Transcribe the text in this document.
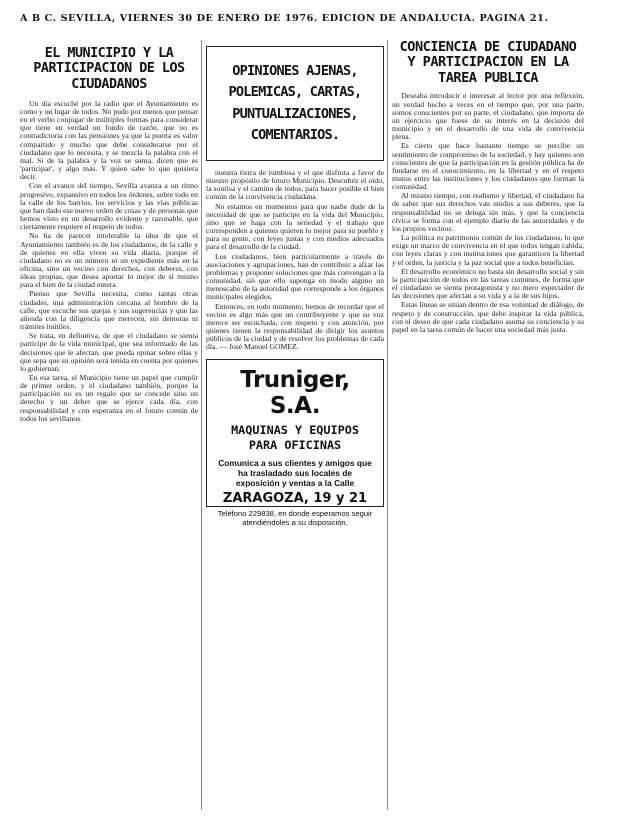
A B C. SEVILLA, VIERNES 30 DE ENERO DE 1976. EDICION DE ANDALUCIA. PAGINA 21.
EL MUNICIPIO Y LA PARTICIPACION DE LOS CIUDADANOS

Un día escuché por la radio que el Ayuntamiento es como y un lugar de todos. No pudo por menos que pensar en el verbo conjugar de múltiples formas para considerar que tiene en verdad un fondo de razón, que no es contradictoria con las pensiones ya que la puerta es valor compartido y mucho que debe considerarse por el ciudadano que lo necesita, y se mezcla la palabra con el mal. Si de la palabra y la voz se suma, dicen que es 'participar', y algo más. Y quien sabe lo que quisiera decir.

Con el avance del tiempo, Sevilla avanza a un ritmo progresivo, expansivo en todos los órdenes, sobre todo en la calle de los barrios, los servicios y las vías públicas que han dado ese nuevo orden de cosas y de personas que hemos visto en un desarrollo evidente y razonable, que ciertamente requiere el respeto de todos.

No ha de parecer intolerable la idea de que el Ayuntamiento también es de los ciudadanos, de la calle y de quienes en ella viven su vida diaria, porque el ciudadano no es un número ni un expediente más en la oficina, sino un vecino con derechos, con deberes, con ideas propias, que desea aportar lo mejor de sí mismo para el bien de la ciudad entera.

Pienso que Sevilla necesita, como tantas otras ciudades, una administración cercana al hombre de la calle, que escuche sus quejas y sus sugerencias y que las atienda con la diligencia que merecen, sin demoras ni trámites inútiles.

Se trata, en definitiva, de que el ciudadano se sienta partícipe de la vida municipal, que sea informado de las decisiones que le afectan, que pueda opinar sobre ellas y que sepa que su opinión será tenida en cuenta por quienes lo gobiernan.

En esa tarea, el Municipio tiene un papel que cumplir de primer orden, y el ciudadano también, porque la participación no es un regalo que se concede sino un derecho y un deber que se ejerce cada día, con responsabilidad y con esperanza en el futuro común de todos los sevillanos.

OPINIONES AJENAS, POLEMICAS, CARTAS, PUNTUALIZACIONES, COMENTARIOS.

nuestra tierra de rumbosa y el que disfruta a favor de nuestro propósito de futuro Municipio. Descubrir el oído, la sonrisa y el camino de todos, para hacer posible el bien común de la convivencia ciudadana.

No estamos en momentos para que nadie dude de la necesidad de que se participe en la vida del Municipio, sino que se haga con la seriedad y el trabajo que corresponden a quienes quieren lo mejor para su pueblo y para su gente, con leyes justas y con medios adecuados para el desarrollo de la ciudad.

Los ciudadanos, bien particularmente a través de asociaciones y agrupaciones, han de contribuir a alzar las problemas y proponer soluciones que más convengan a la comunidad, sin que ello suponga en modo alguno un menoscabo de la autoridad que corresponde a los órganos municipales elegidos.

Entonces, en todo momento, hemos de recordar que el vecino es algo más que un contribuyente y que su voz merece ser escuchada, con respeto y con atención, por quienes tienen la responsabilidad de dirigir los asuntos públicos de la ciudad y de resolver los problemas de cada día. — José Manuel GOMEZ.

Truniger, S.A.
MAQUINAS Y EQUIPOS PARA OFICINAS
Comunica a sus clientes y amigos que ha trasladado sus locales de exposición y ventas a la Calle
ZARAGOZA, 19 y 21
Teléfono 229838, en donde esperamos seguir atendiéndoles a su disposición.
CONCIENCIA DE CIUDADANO Y PARTICIPACION EN LA TAREA PUBLICA

Deseaba introducir e interesar al lector por una reflexión, un verdad hecho a veces en el tiempo que, por una parte, somos conscientes por su parte, el ciudadano, que importa de un ejercicio que fuese de su interés en la decisión del municipio y en el desarrollo de una vida de convivencia plena.

Es cierto que hace bastante tiempo se percibe un sentimiento de compromiso de la sociedad, y hay quienes son conscientes de que la participación en la gestión pública ha de fundarse en el conocimiento, en la libertad y en el respeto mutuo entre las instituciones y los ciudadanos que forman la comunidad.

Al mismo tiempo, con realismo y libertad, el ciudadano ha de saber que sus derechos van unidos a sus deberes, que la responsabilidad no se delega sin más, y que la conciencia cívica se forma con el ejemplo diario de las autoridades y de los propios vecinos.

La política es patrimonio común de los ciudadanos, lo que exige un marco de convivencia en el que todos tengan cabida, con leyes claras y con instituciones que garanticen la libertad y el orden, la justicia y la paz social que a todos benefician.

El desarrollo económico no basta sin desarrollo social y sin la participación de todos en las tareas comunes, de forma que el ciudadano se sienta protagonista y no mero espectador de las decisiones que afectan a su vida y a la de sus hijos.

Estas líneas se sitúan dentro de esa voluntad de diálogo, de respeto y de construcción, que debe inspirar la vida pública, con el deseo de que cada ciudadano asuma su conciencia y su papel en la tarea común de hacer una sociedad más justa.
